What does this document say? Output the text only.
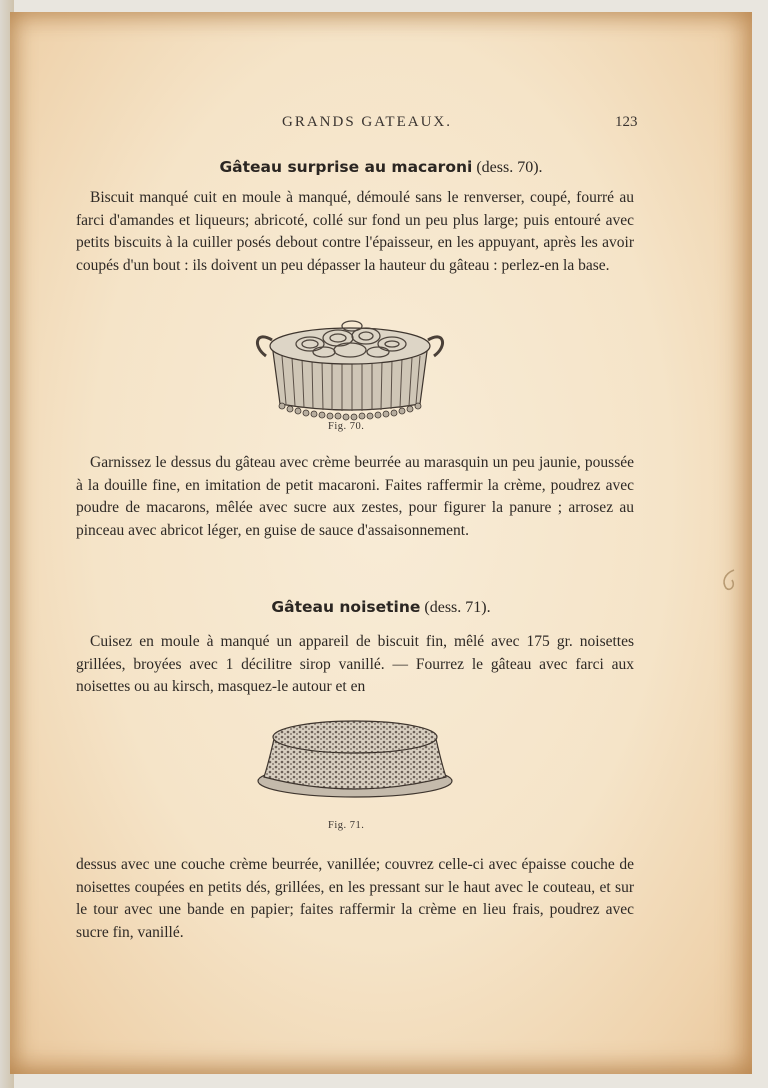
GRANDS GATEAUX.	123
Gâteau surprise au macaroni (dess. 70).

Biscuit manqué cuit en moule à manqué, démoulé sans le renverser, coupé, fourré au farci d'amandes et liqueurs; abricoté, collé sur fond un peu plus large; puis entouré avec petits biscuits à la cuiller posés debout contre l'épaisseur, en les appuyant, après les avoir coupés d'un bout : ils doivent un peu dépasser la hauteur du gâteau : perlez-en la base.

Fig. 70.

Garnissez le dessus du gâteau avec crème beurrée au marasquin un peu jaunie, poussée à la douille fine, en imitation de petit macaroni. Faites raffermir la crème, poudrez avec poudre de macarons, mêlée avec sucre aux zestes, pour figurer la panure ; arrosez au pinceau avec abricot léger, en guise de sauce d'assaisonnement.

Gâteau noisetine (dess. 71).

Cuisez en moule à manqué un appareil de biscuit fin, mêlé avec 175 gr. noisettes grillées, broyées avec 1 décilitre sirop vanillé. — Fourrez le gâteau avec farci aux noisettes ou au kirsch, masquez-le autour et en

Fig. 71.

dessus avec une couche crème beurrée, vanillée; couvrez celle-ci avec épaisse couche de noisettes coupées en petits dés, grillées, en les pressant sur le haut avec le couteau, et sur le tour avec une bande en papier; faites raffermir la crème en lieu frais, poudrez avec sucre fin, vanillé.
